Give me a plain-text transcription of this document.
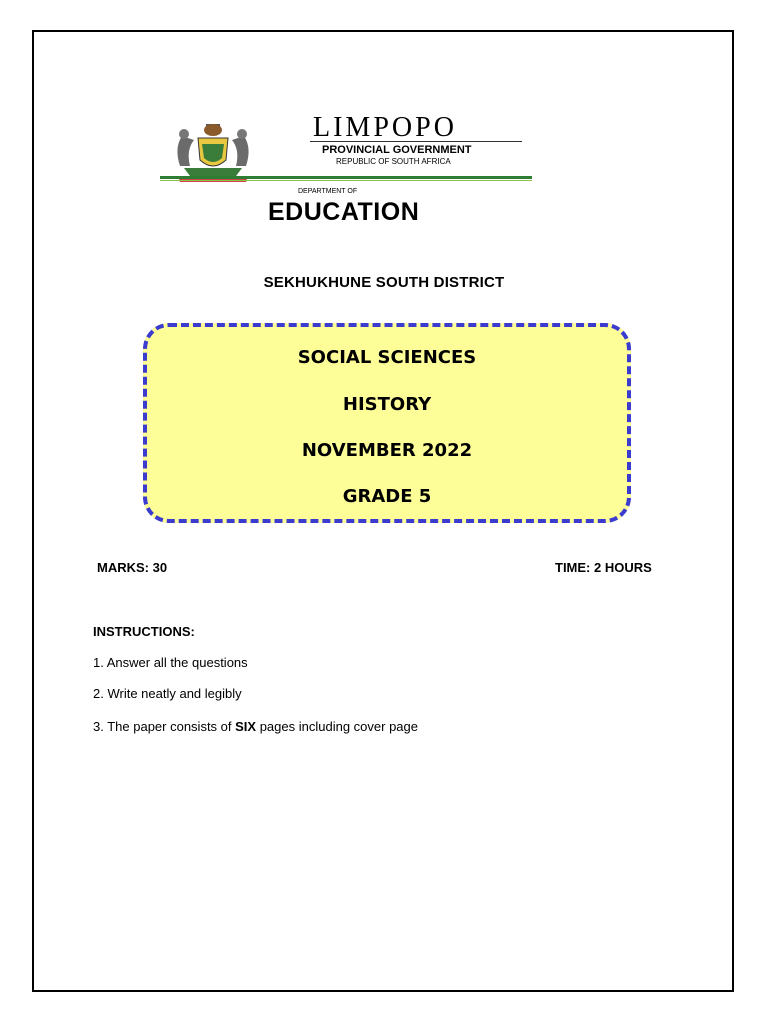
LIMPOPO
PROVINCIAL GOVERNMENT
REPUBLIC OF SOUTH AFRICA
DEPARTMENT OF
EDUCATION
SEKHUKHUNE SOUTH DISTRICT
SOCIAL SCIENCES
HISTORY
NOVEMBER 2022
GRADE 5
MARKS: 30	TIME: 2 HOURS
INSTRUCTIONS:
1. Answer all the questions
2. Write neatly and legibly
3. The paper consists of SIX pages including cover page
